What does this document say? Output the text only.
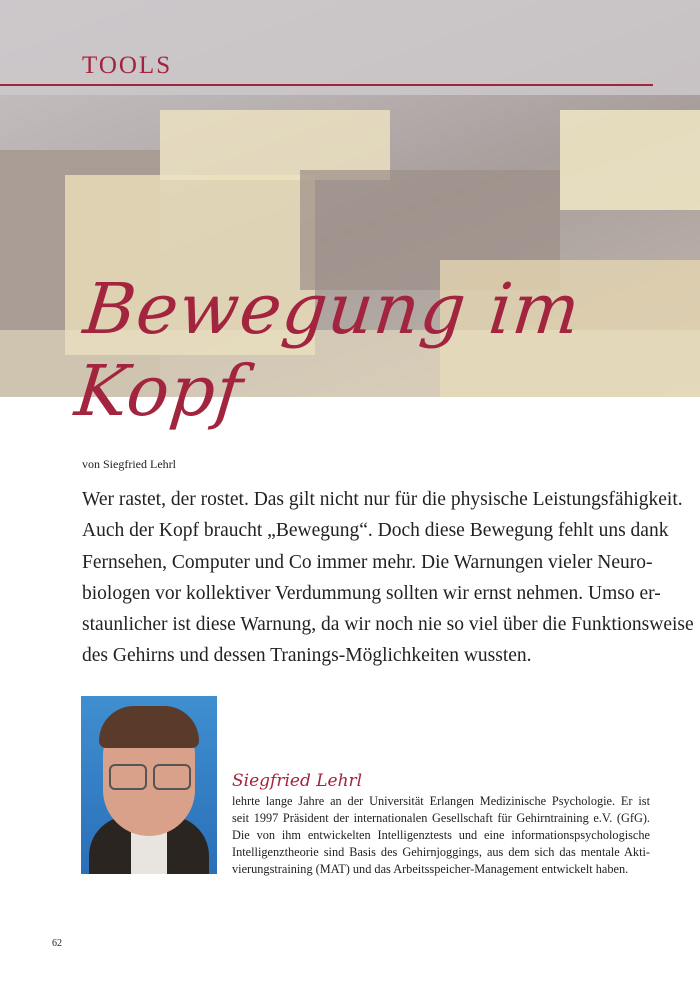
TOOLS
Bewegung im Kopf
von Siegfried Lehrl
Wer rastet, der rostet. Das gilt nicht nur für die physische Leistungsfähigkeit.
Auch der Kopf braucht „Bewegung“. Doch diese Bewegung fehlt uns dank
Fernsehen, Computer und Co immer mehr. Die Warnungen vieler Neuro-
biologen vor kollektiver Verdummung sollten wir ernst nehmen. Umso er-
staunlicher ist diese Warnung, da wir noch nie so viel über die Funktionsweise
des Gehirns und dessen Tranings-Möglichkeiten wussten.
Siegfried Lehrl
lehrte lange Jahre an der Universität Erlangen Medizinische Psychologie. Er ist
seit 1997 Präsident der internationalen Gesellschaft für Gehirntraining e.V. (GfG).
Die von ihm entwickelten Intelligenztests und eine informationspsychologische
Intelligenztheorie sind Basis des Gehirnjoggings, aus dem sich das mentale Akti-
vierungstraining (MAT) und das Arbeitsspeicher-Management entwickelt haben.
62
